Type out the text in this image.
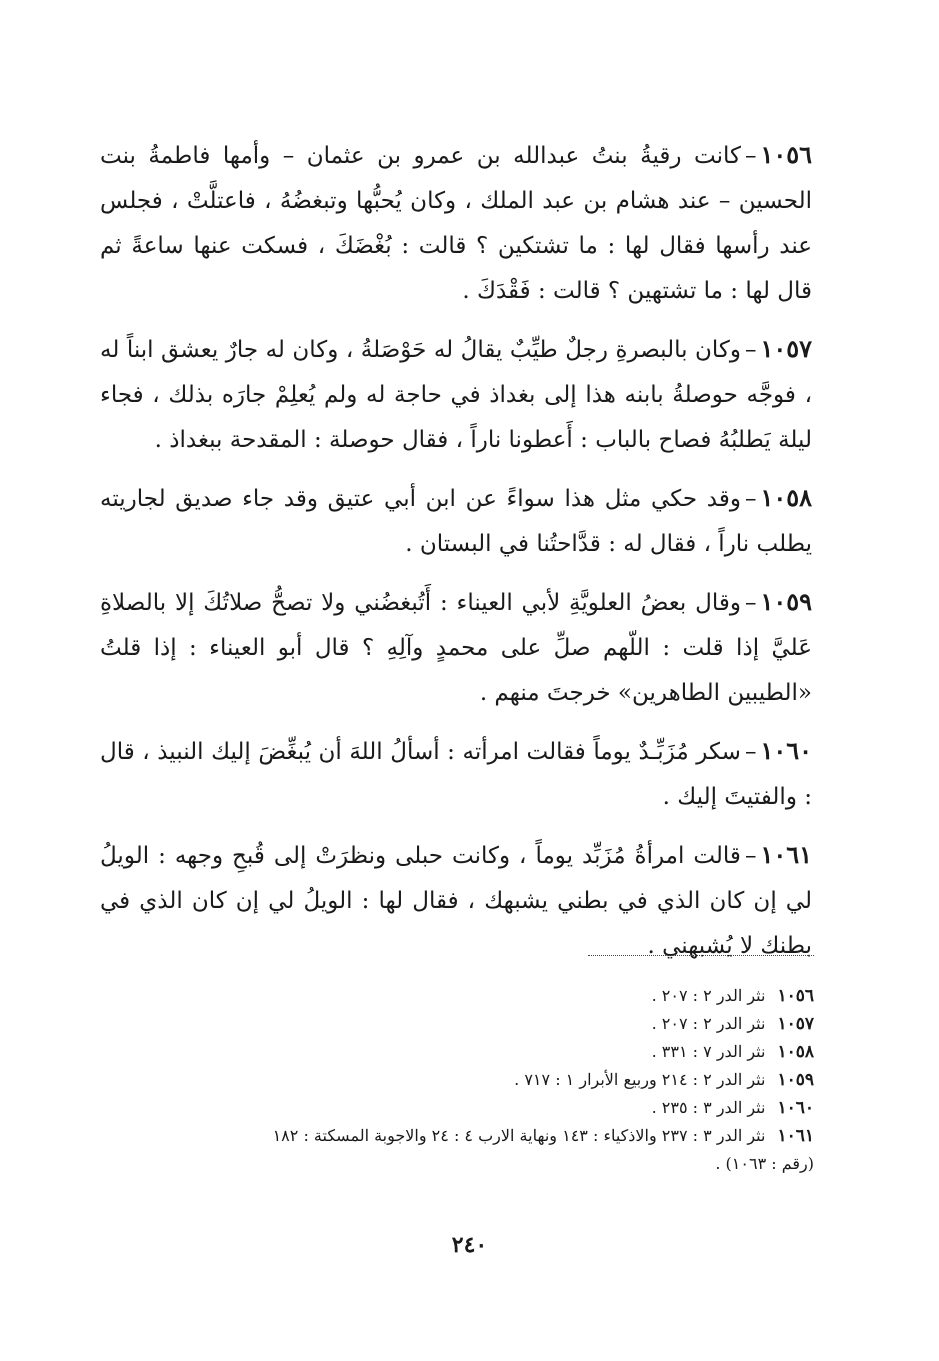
١٠٥٦–كانت رقيةُ بنتُ عبدالله بن عمرو بن عثمان – وأمها فاطمةُ بنت الحسين – عند هشام بن عبد الملك ، وكان يُحبُّها وتبغضُهُ ، فاعتلَّتْ ، فجلس عند رأسها فقال لها : ما تشتكين ؟ قالت : بُغْضَكَ ، فسكت عنها ساعةً ثم قال لها : ما تشتهين ؟ قالت : فَقْدَكَ .

١٠٥٧–وكان بالبصرةِ رجلٌ طيِّبٌ يقالُ له حَوْصَلةُ ، وكان له جارٌ يعشق ابناً له ، فوجَّه حوصلةُ بابنه هذا إلى بغداذ في حاجة له ولم يُعلِمْ جارَه بذلك ، فجاء ليلة يَطلبُهُ فصاح بالباب : أَعطونا ناراً ، فقال حوصلة : المقدحة ببغداذ .

١٠٥٨–وقد حكي مثل هذا سواءً عن ابن أبي عتيق وقد جاء صديق لجاريته يطلب ناراً ، فقال له : قدَّاحتُنا في البستان .

١٠٥٩–وقال بعضُ العلويَّةِ لأبي العيناء : أَتُبغضُني ولا تصحُّ صلاتُكَ إلا بالصلاةِ عَليَّ إذا قلت : اللّهم صلِّ على محمدٍ وآلِهِ ؟ قال أبو العيناء : إذا قلتُ «الطيبين الطاهرين» خرجتَ منهم .

١٠٦٠–سكر مُزَبِّـدٌ يوماً فقالت امرأته : أسألُ اللهَ أن يُبغِّضَ إليك النبيذ ، قال : والفتيتَ إليك .

١٠٦١–قالت امرأةُ مُزَبِّد يوماً ، وكانت حبلى ونظرَتْ إلى قُبحِ وجهه : الويلُ لي إن كان الذي في بطني يشبهك ، فقال لها : الويلُ لي إن كان الذي في بطنك لا يُشبهني .

١٠٥٦نثر الدر ٢ : ٢٠٧ .

١٠٥٧نثر الدر ٢ : ٢٠٧ .

١٠٥٨نثر الدر ٧ : ٣٣١ .

١٠٥٩نثر الدر ٢ : ٢١٤ وربيع الأبرار ١ : ٧١٧ .

١٠٦٠نثر الدر ٣ : ٢٣٥ .

١٠٦١نثر الدر ٣ : ٢٣٧ والاذكياء : ١٤٣ ونهاية الارب ٤ : ٢٤ والاجوبة المسكتة : ١٨٢

(رقم : ١٠٦٣) .

٢٤٠
